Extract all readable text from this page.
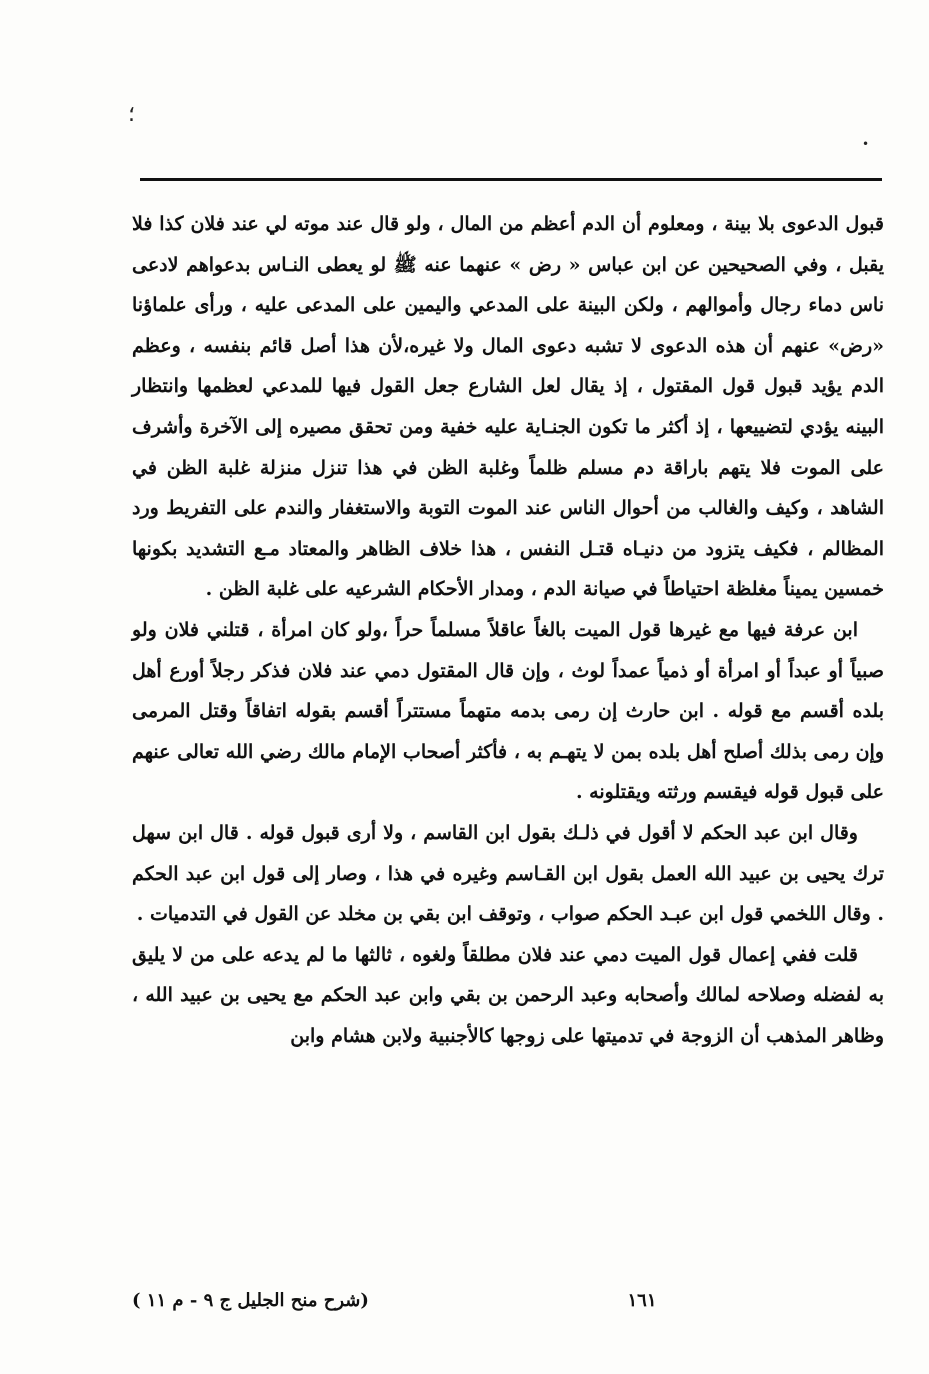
؛
•

قبول الدعوى بلا بينة ، ومعلوم أن الدم أعظم من المال ، ولو قال عند موته لي عند فلان كذا فلا يقبل ، وفي الصحيحين عن ابن عباس « رض » عنهما عنه ﷺ لو يعطى النـاس بدعواهم لادعى ناس دماء رجال وأموالهم ، ولكن البينة على المدعي واليمين على المدعى عليه ، ورأى علماؤنا «رض» عنهم أن هذه الدعوى لا تشبه دعوى المال ولا غيره،لأن هذا أصل قائم بنفسه ، وعظم الدم يؤيد قبول قول المقتول ، إذ يقال لعل الشارع جعل القول فيها للمدعي لعظمها وانتظار البينه يؤدي لتضييعها ، إذ أكثر ما تكون الجنـاية عليه خفية ومن تحقق مصيره إلى الآخرة وأشرف على الموت فلا يتهم باراقة دم مسلم ظلماً وغلبة الظن في هذا تنزل منزلة غلبة الظن في الشاهد ، وكيف والغالب من أحوال الناس عند الموت التوبة والاستغفار والندم على التفريط ورد المظالم ، فكيف يتزود من دنيـاه قتـل النفس ، هذا خلاف الظاهر والمعتاد مـع التشديد بكونها خمسين يميناً مغلظة احتياطاً في صيانة الدم ، ومدار الأحكام الشرعيه على غلبة الظن .

ابن عرفة فيها مع غيرها قول الميت بالغاً عاقلاً مسلماً حراً ،ولو كان امرأة ، قتلني فلان ولو صبياً أو عبداً أو امرأة أو ذمياً عمداً لوث ، وإن قال المقتول دمي عند فلان فذكر رجلاً أورع أهل بلده أقسم مع قوله . ابن حارث إن رمى بدمه متهماً مستتراً أقسم بقوله اتفاقاً وقتل المرمى وإن رمى بذلك أصلح أهل بلده بمن لا يتهـم به ، فأكثر أصحاب الإمام مالك رضي الله تعالى عنهم على قبول قوله فيقسم ورثته ويقتلونه .

وقال ابن عبد الحكم لا أقول في ذلـك بقول ابن القاسم ، ولا أرى قبول قوله . قال ابن سهل ترك يحيى بن عبيد الله العمل بقول ابن القـاسم وغيره في هذا ، وصار إلى قول ابن عبد الحكم . وقال اللخمي قول ابن عبـد الحكم صواب ، وتوقف ابن بقي بن مخلد عن القول في التدميات .

قلت ففي إعمال قول الميت دمي عند فلان مطلقاً ولغوه ، ثالثها ما لم يدعه على من لا يليق به لفضله وصلاحه لمالك وأصحابه وعبد الرحمن بن بقي وابن عبد الحكم مع يحيى بن عبيد الله ، وظاهر المذهب أن الزوجة في تدميتها على زوجها كالأجنبية ولابن هشام وابن

١٦١
(شرح منح الجليل ج ٩ - م ١١ )
